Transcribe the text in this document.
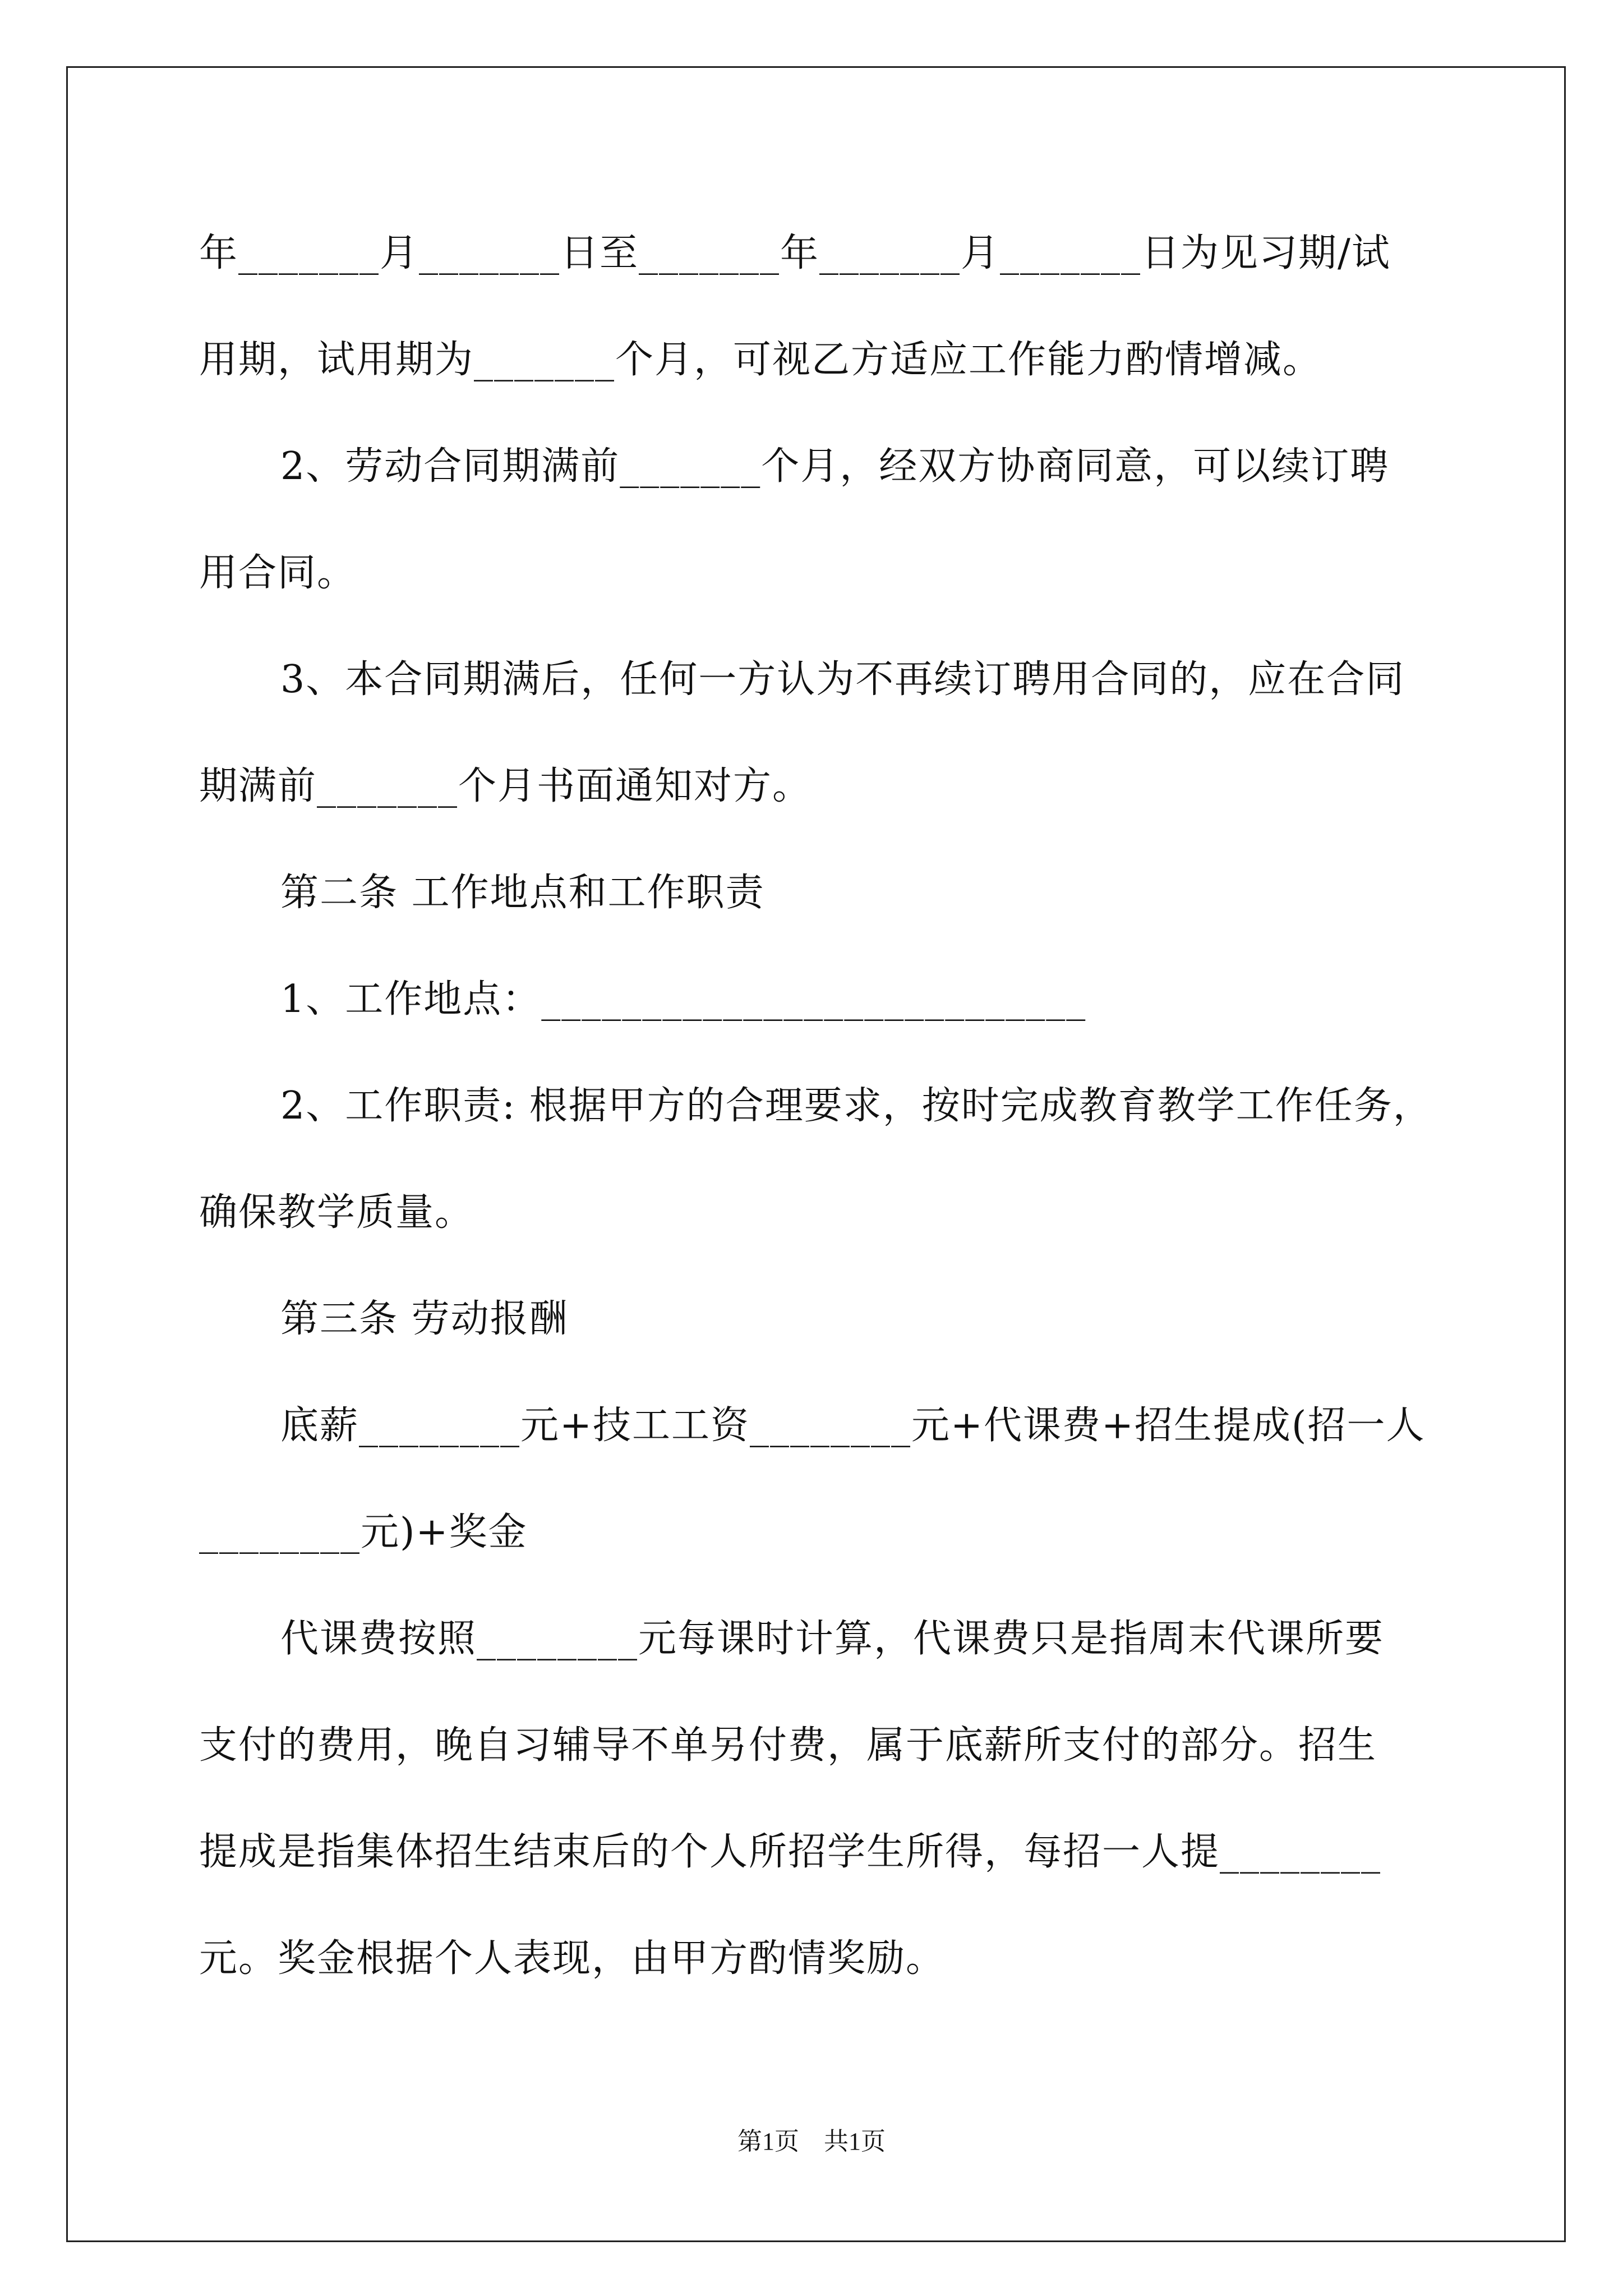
年_______月_______日至_______年_______月_______日为见习期/试
用期，试用期为_______个月，可视乙方适应工作能力酌情增减。
2、劳动合同期满前_______个月，经双方协商同意，可以续订聘
用合同。
3、本合同期满后，任何一方认为不再续订聘用合同的，应在合同
期满前_______个月书面通知对方。
第二条 工作地点和工作职责
1、工作地点：___________________________
2、工作职责: 根据甲方的合理要求，按时完成教育教学工作任务，
确保教学质量。
第三条 劳动报酬
底薪________元+技工工资________元+代课费+招生提成(招一人
________元)+奖金
代课费按照________元每课时计算，代课费只是指周末代课所要
支付的费用，晚自习辅导不单另付费，属于底薪所支付的部分。招生
提成是指集体招生结束后的个人所招学生所得，每招一人提________
元。奖金根据个人表现，由甲方酌情奖励。
第1页　共1页
